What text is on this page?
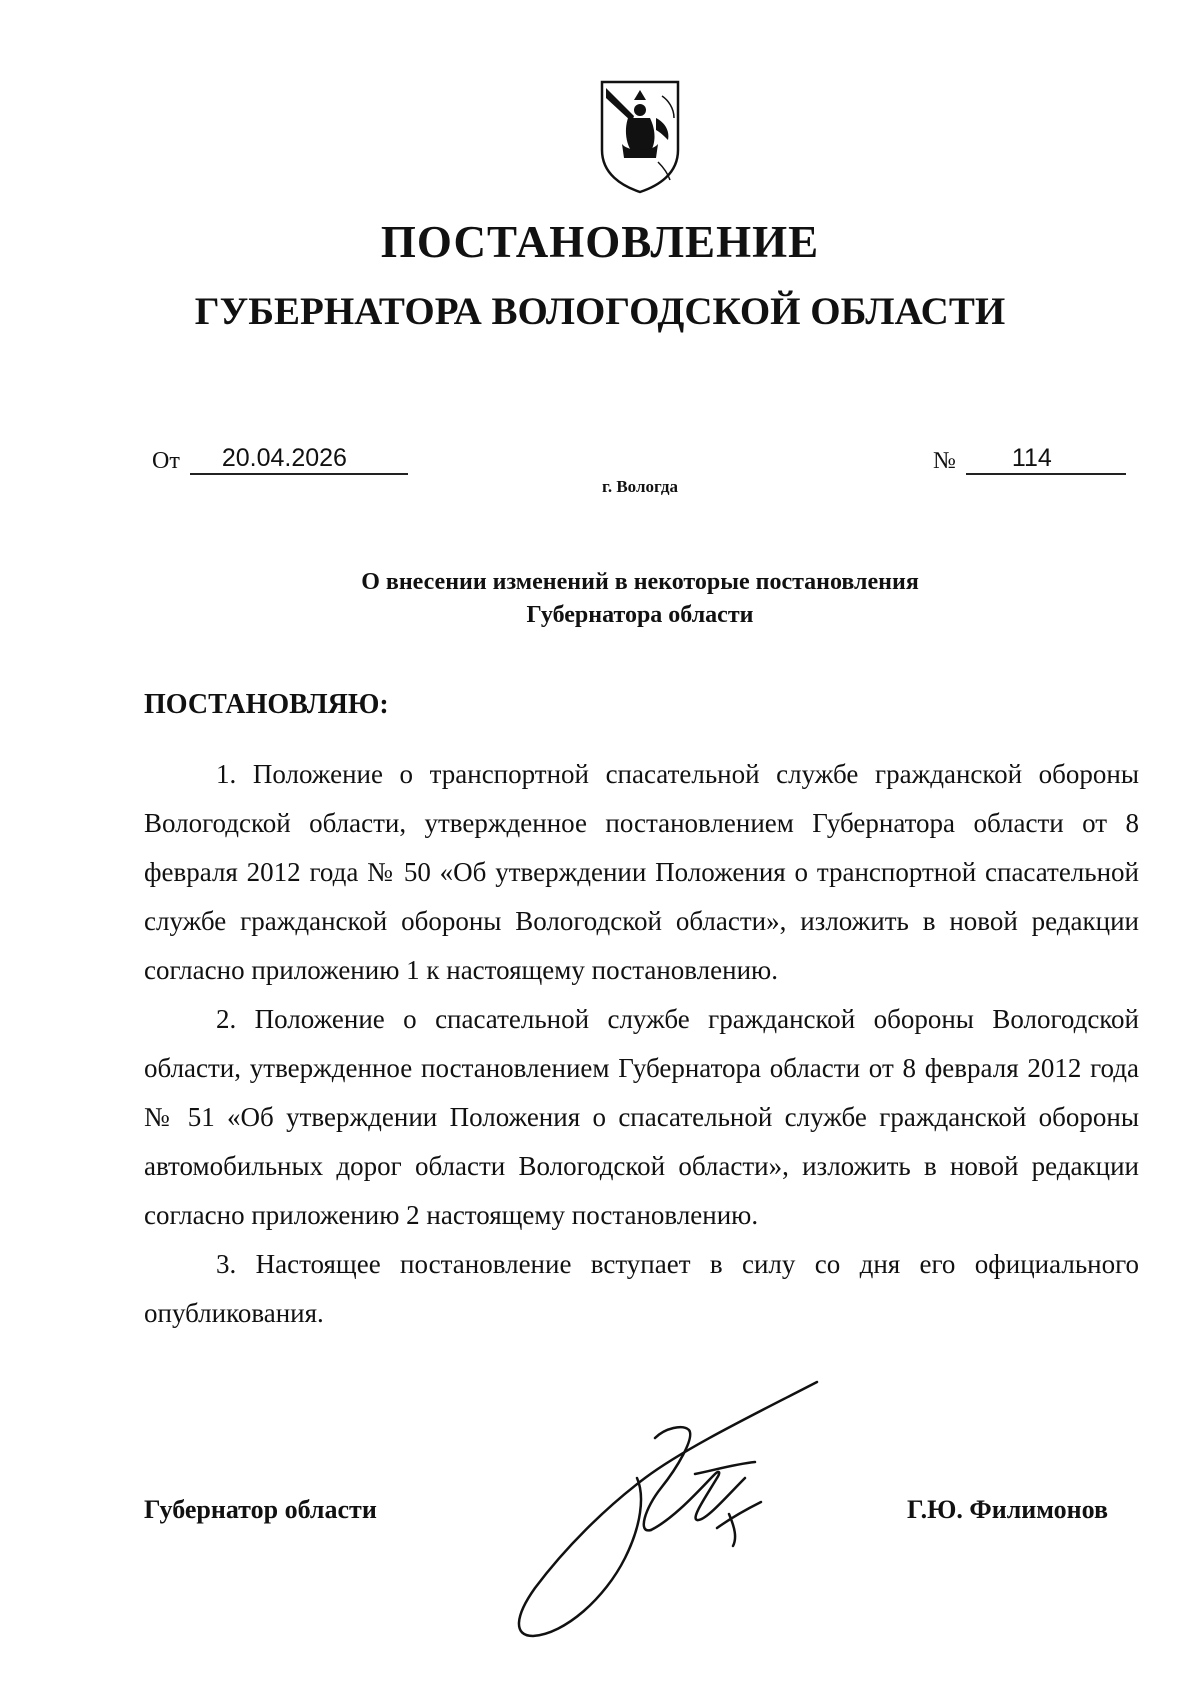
ПОСТАНОВЛЕНИЕ
ГУБЕРНАТОРА ВОЛОГОДСКОЙ ОБЛАСТИ
От 20.04.2026	№ 114
г. Вологда
О внесении изменений в некоторые постановления
Губернатора области
ПОСТАНОВЛЯЮ:

1. Положение о транспортной спасательной службе гражданской обороны Вологодской области, утвержденное постановлением Губернатора области от 8 февраля 2012 года № 50 «Об утверждении Положения о транспортной спасательной службе гражданской обороны Вологодской области», изложить в новой редакции согласно приложению 1 к настоящему постановлению.

2. Положение о спасательной службе гражданской обороны Вологодской области, утвержденное постановлением Губернатора области от 8 февраля 2012 года № 51 «Об утверждении Положения о спасательной службе гражданской обороны автомобильных дорог области Вологодской области», изложить в новой редакции согласно приложению 2 настоящему постановлению.

3. Настоящее постановление вступает в силу со дня его официального опубликования.

Губернатор области	Г.Ю. Филимонов
